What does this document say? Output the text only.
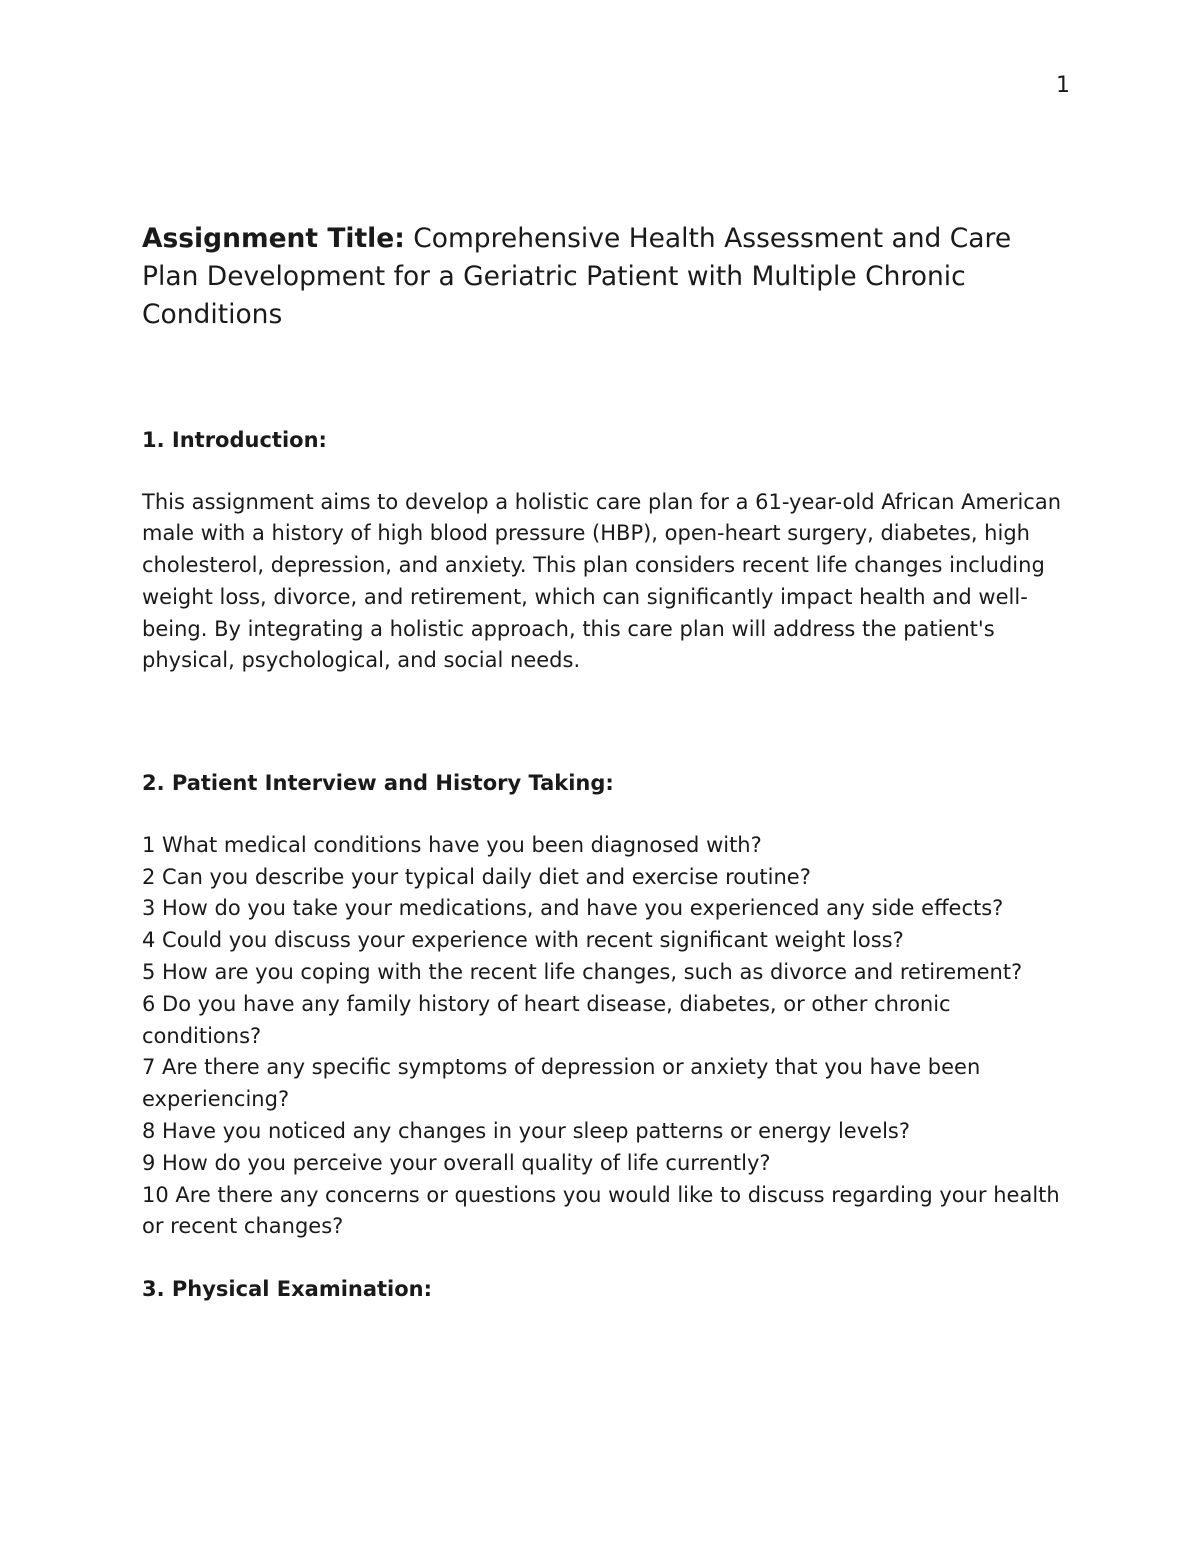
1
Assignment Title: Comprehensive Health Assessment and Care Plan Development for a Geriatric Patient with Multiple Chronic Conditions
1. Introduction:

This assignment aims to develop a holistic care plan for a 61-year-old African American male with a history of high blood pressure (HBP), open-heart surgery, diabetes, high cholesterol, depression, and anxiety. This plan considers recent life changes including weight loss, divorce, and retirement, which can significantly impact health and well-being. By integrating a holistic approach, this care plan will address the patient's physical, psychological, and social needs.

2. Patient Interview and History Taking:
1 What medical conditions have you been diagnosed with?
2 Can you describe your typical daily diet and exercise routine?
3 How do you take your medications, and have you experienced any side effects?
4 Could you discuss your experience with recent significant weight loss?
5 How are you coping with the recent life changes, such as divorce and retirement?
6 Do you have any family history of heart disease, diabetes, or other chronic conditions?
7 Are there any specific symptoms of depression or anxiety that you have been experiencing?
8 Have you noticed any changes in your sleep patterns or energy levels?
9 How do you perceive your overall quality of life currently?
10 Are there any concerns or questions you would like to discuss regarding your health or recent changes?
3. Physical Examination:
